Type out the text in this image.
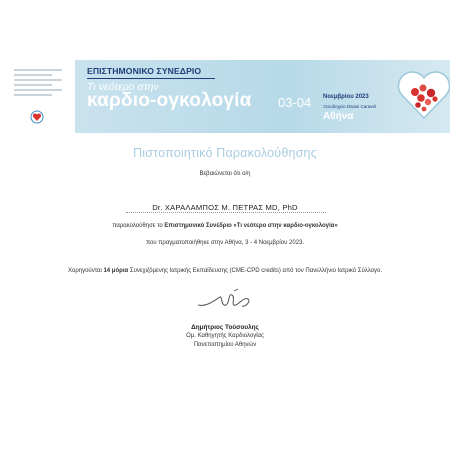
ΕΠΙΣΤΗΜΟΝΙΚΟ ΣΥΝΕΔΡΙΟ
Τι νεότερο στην
καρδιο-ογκολογία 03-04 Νοεμβρίου 2023
Ξενοδοχείο Divani Caravel
Αθήνα
Πιστοποιητικό Παρακολούθησης
Βεβαιώνεται ότι ο/η
Dr. ΧΑΡΑΛΑΜΠΟΣ Μ. ΠΕΤΡΑΣ MD, PhD
παρακολούθησε το Επιστημονικό Συνέδριο «Τι νεότερο στην καρδιο-ογκολογία»
που πραγματοποιήθηκε στην Αθήνα, 3 - 4 Νοεμβρίου 2023.
Χορηγούνται 14 μόρια Συνεχιζόμενης Ιατρικής Εκπαίδευσης (CME-CPD credits) από τον Πανελλήνιο Ιατρικό Σύλλογο.
Δημήτριος Τούσουλης
Ομ. Καθηγητής Καρδιολογίας
Πανεπιστημίου Αθηνών
